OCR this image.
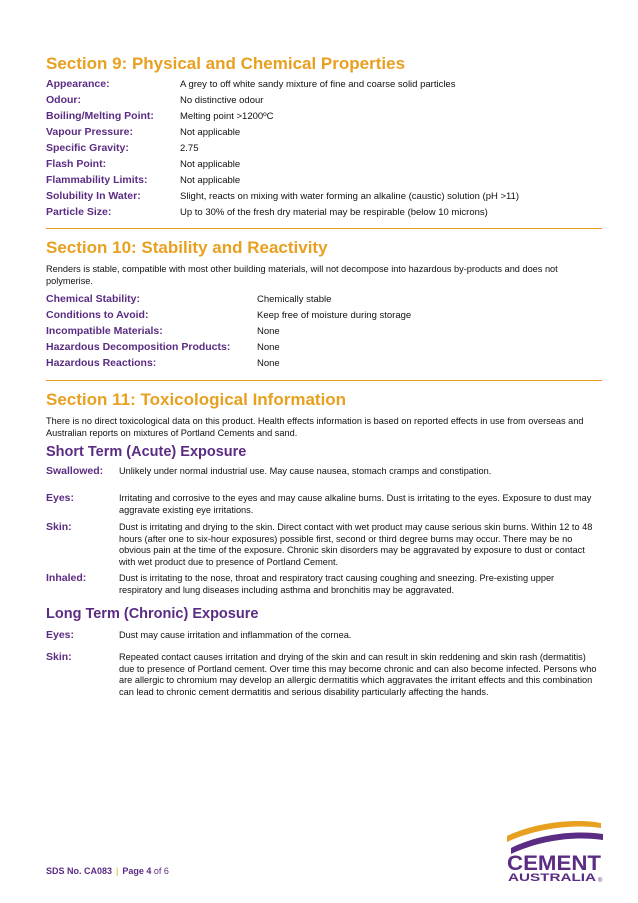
Section 9: Physical and Chemical Properties
Appearance:	A grey to off white sandy mixture of fine and coarse solid particles
Odour:	No distinctive odour
Boiling/Melting Point:	Melting point >1200ºC
Vapour Pressure:	Not applicable
Specific Gravity:	2.75
Flash Point:	Not applicable
Flammability Limits:	Not applicable
Solubility In Water:	Slight, reacts on mixing with water forming an alkaline (caustic) solution (pH >11)
Particle Size:	Up to 30% of the fresh dry material may be respirable (below 10 microns)
Section 10: Stability and Reactivity

Renders is stable, compatible with most other building materials, will not decompose into hazardous by-products and does not polymerise.

Chemical Stability:	Chemically stable
Conditions to Avoid:	Keep free of moisture during storage
Incompatible Materials:	None
Hazardous Decomposition Products:	None
Hazardous Reactions:	None
Section 11: Toxicological Information

There is no direct toxicological data on this product. Health effects information is based on reported effects in use from overseas and Australian reports on mixtures of Portland Cements and sand.

Short Term (Acute) Exposure
Swallowed: Unlikely under normal industrial use. May cause nausea, stomach cramps and constipation.
Eyes:	Irritating and corrosive to the eyes and may cause alkaline burns. Dust is irritating to the eyes. Exposure to dust may aggravate existing eye irritations.
Skin:	Dust is irritating and drying to the skin. Direct contact with wet product may cause serious skin burns. Within 12 to 48 hours (after one to six-hour exposures) possible first, second or third degree burns may occur. There may be no obvious pain at the time of the exposure. Chronic skin disorders may be aggravated by exposure to dust or contact with wet product due to presence of Portland Cement.
Inhaled:	Dust is irritating to the nose, throat and respiratory tract causing coughing and sneezing. Pre-existing upper respiratory and lung diseases including asthma and bronchitis may be aggravated.
Long Term (Chronic) Exposure
Eyes:	Dust may cause irritation and inflammation of the cornea.
Skin:	Repeated contact causes irritation and drying of the skin and can result in skin reddening and skin rash (dermatitis) due to presence of Portland cement. Over time this may become chronic and can also become infected. Persons who are allergic to chromium may develop an allergic dermatitis which aggravates the irritant effects and this combination can lead to chronic cement dermatitis and serious disability particularly affecting the hands.
SDS No. CA083 | Page 4 of 6	CEMENT
AUSTRALIA ®
